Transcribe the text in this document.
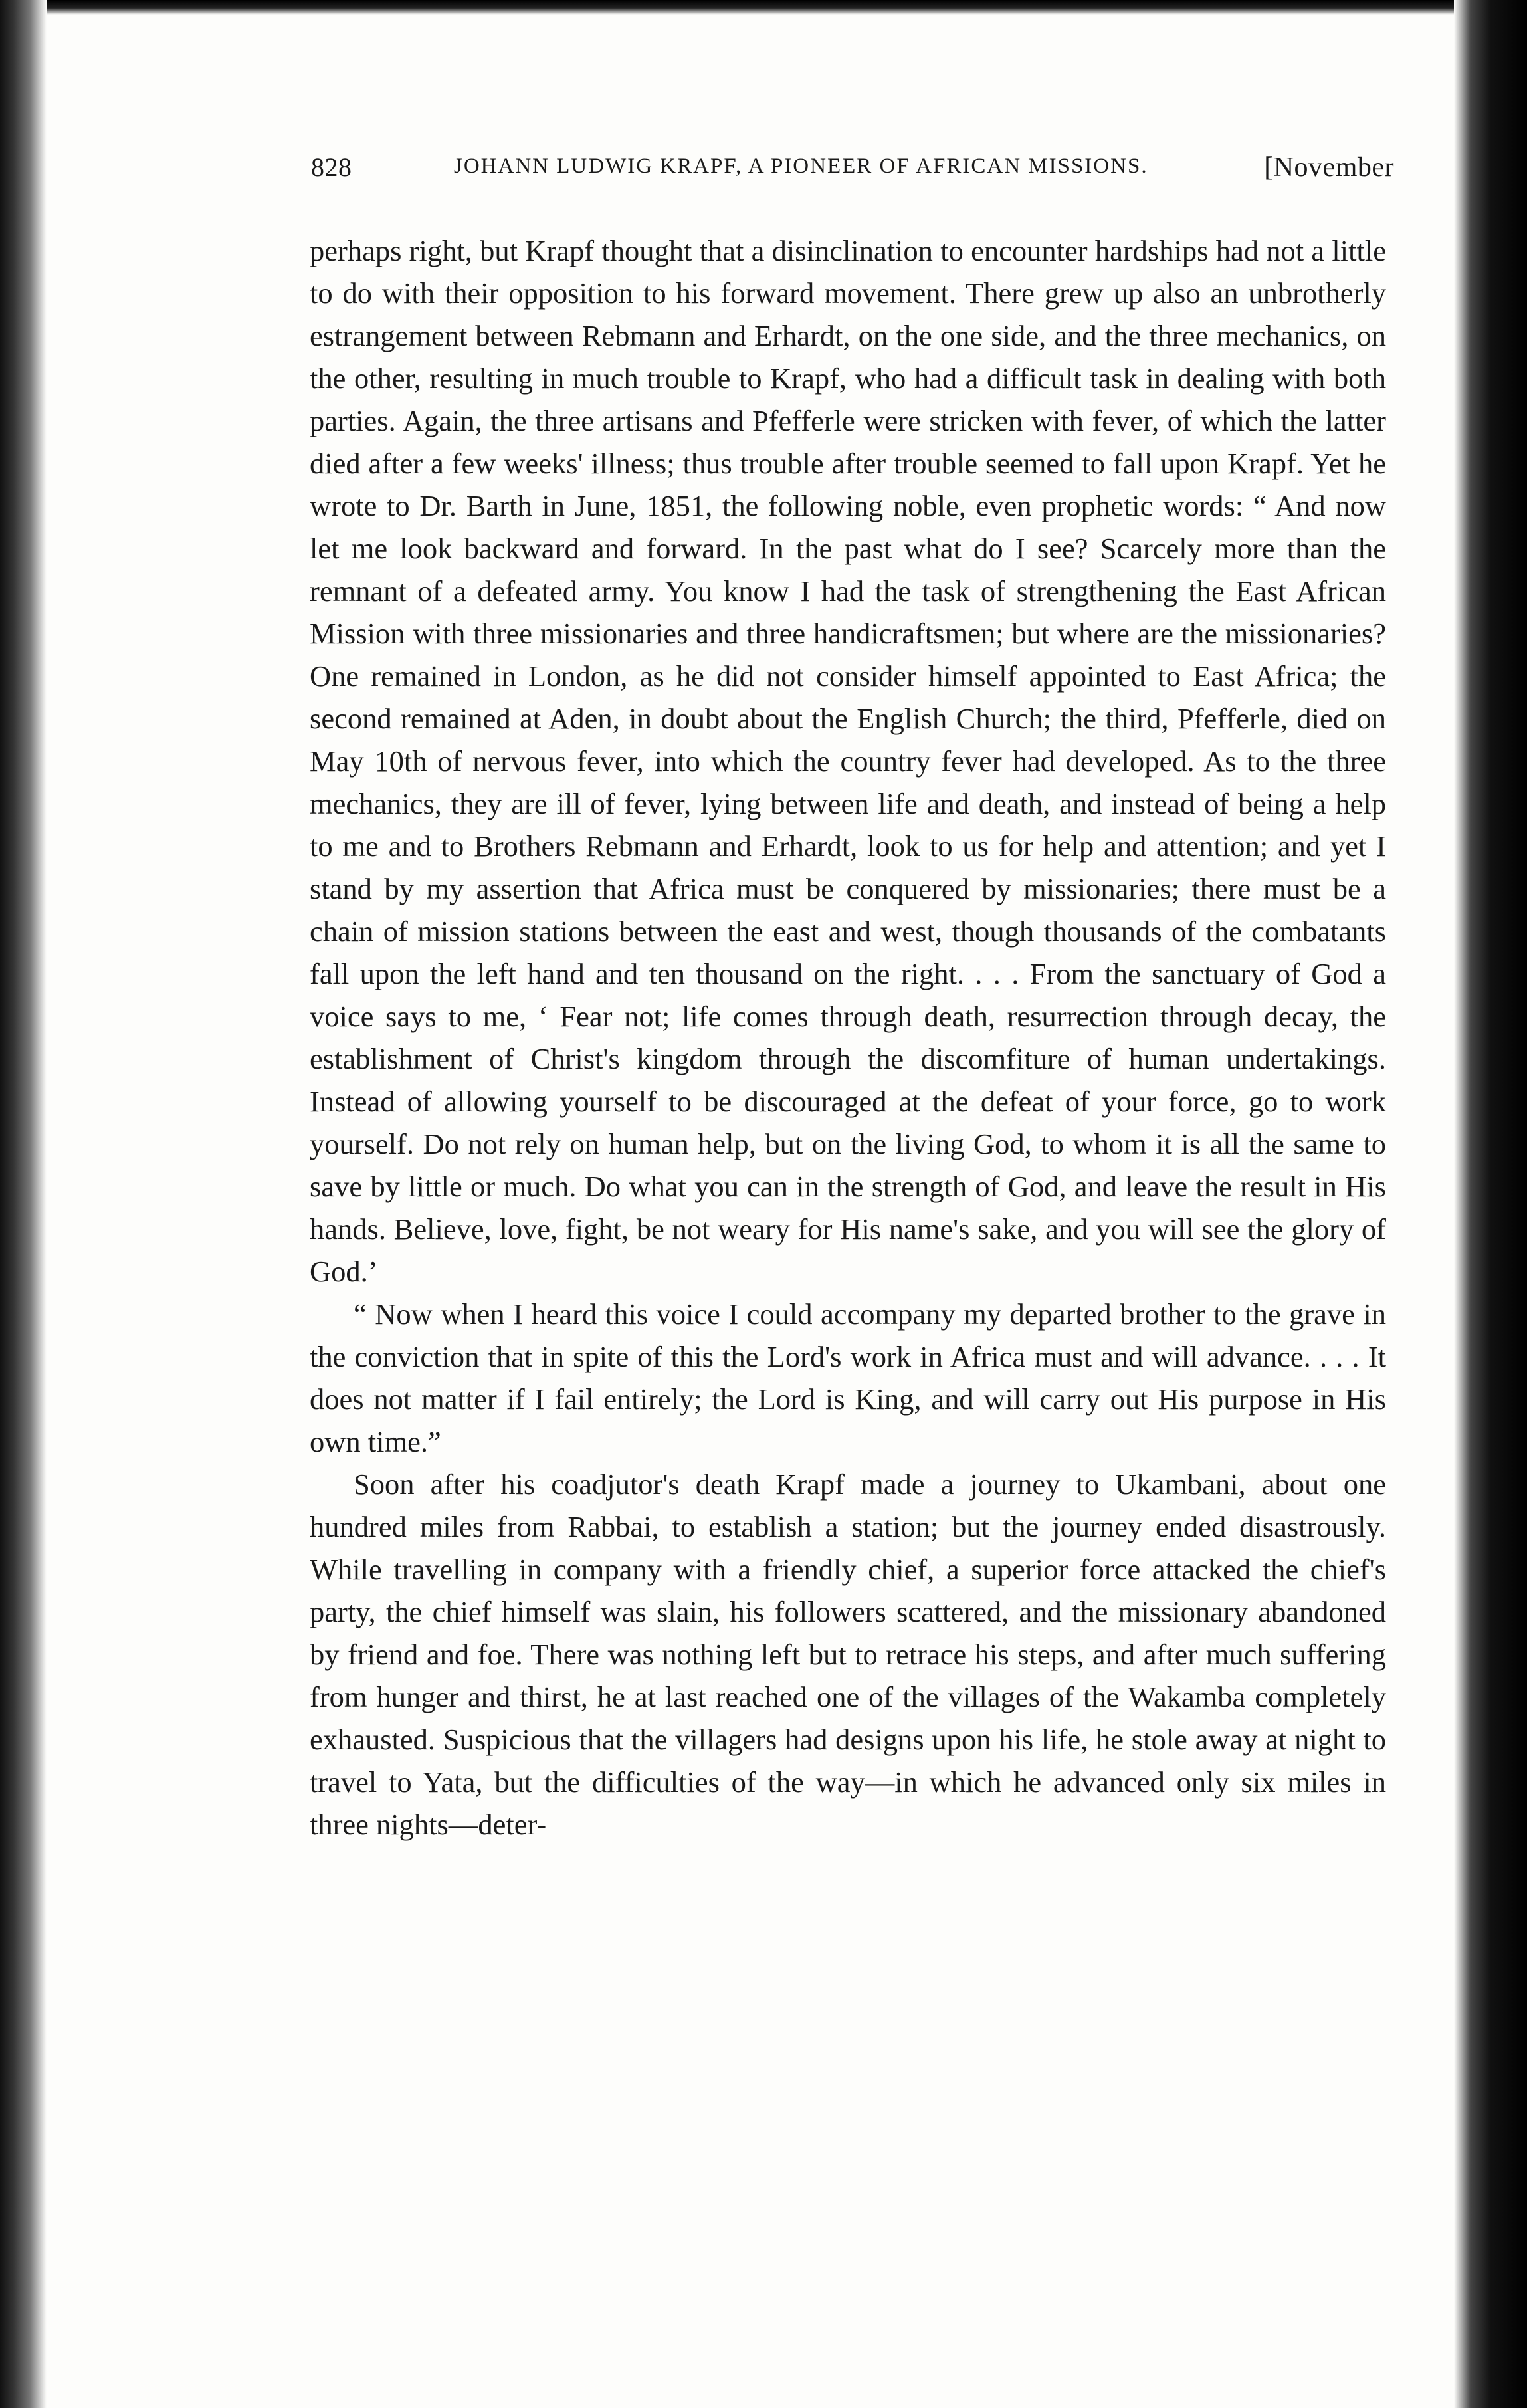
828	JOHANN LUDWIG KRAPF, A PIONEER OF AFRICAN MISSIONS.	[November

perhaps right, but Krapf thought that a disinclination to encounter hardships had not a little to do with their opposition to his forward movement. There grew up also an unbrotherly estrangement between Rebmann and Erhardt, on the one side, and the three mechanics, on the other, resulting in much trouble to Krapf, who had a difficult task in dealing with both parties. Again, the three artisans and Pfefferle were stricken with fever, of which the latter died after a few weeks' illness; thus trouble after trouble seemed to fall upon Krapf. Yet he wrote to Dr. Barth in June, 1851, the following noble, even prophetic words: “ And now let me look backward and forward. In the past what do I see? Scarcely more than the remnant of a defeated army. You know I had the task of strengthening the East African Mission with three missionaries and three handicraftsmen; but where are the missionaries? One remained in London, as he did not consider himself appointed to East Africa; the second remained at Aden, in doubt about the English Church; the third, Pfefferle, died on May 10th of nervous fever, into which the country fever had developed. As to the three mechanics, they are ill of fever, lying between life and death, and instead of being a help to me and to Brothers Rebmann and Erhardt, look to us for help and attention; and yet I stand by my assertion that Africa must be conquered by missionaries; there must be a chain of mission stations between the east and west, though thousands of the combatants fall upon the left hand and ten thousand on the right. . . . From the sanctuary of God a voice says to me, ‘ Fear not; life comes through death, resurrection through decay, the establishment of Christ's kingdom through the discomfiture of human undertakings. Instead of allowing yourself to be discouraged at the defeat of your force, go to work yourself. Do not rely on human help, but on the living God, to whom it is all the same to save by little or much. Do what you can in the strength of God, and leave the result in His hands. Believe, love, fight, be not weary for His name's sake, and you will see the glory of God.’

“ Now when I heard this voice I could accompany my departed brother to the grave in the conviction that in spite of this the Lord's work in Africa must and will advance. . . . It does not matter if I fail entirely; the Lord is King, and will carry out His purpose in His own time.”

Soon after his coadjutor's death Krapf made a journey to Ukambani, about one hundred miles from Rabbai, to establish a station; but the journey ended disastrously. While travelling in company with a friendly chief, a superior force attacked the chief's party, the chief himself was slain, his followers scattered, and the missionary abandoned by friend and foe. There was nothing left but to retrace his steps, and after much suffering from hunger and thirst, he at last reached one of the villages of the Wakamba completely exhausted. Suspicious that the villagers had designs upon his life, he stole away at night to travel to Yata, but the difficulties of the way—in which he advanced only six miles in three nights—deter-
